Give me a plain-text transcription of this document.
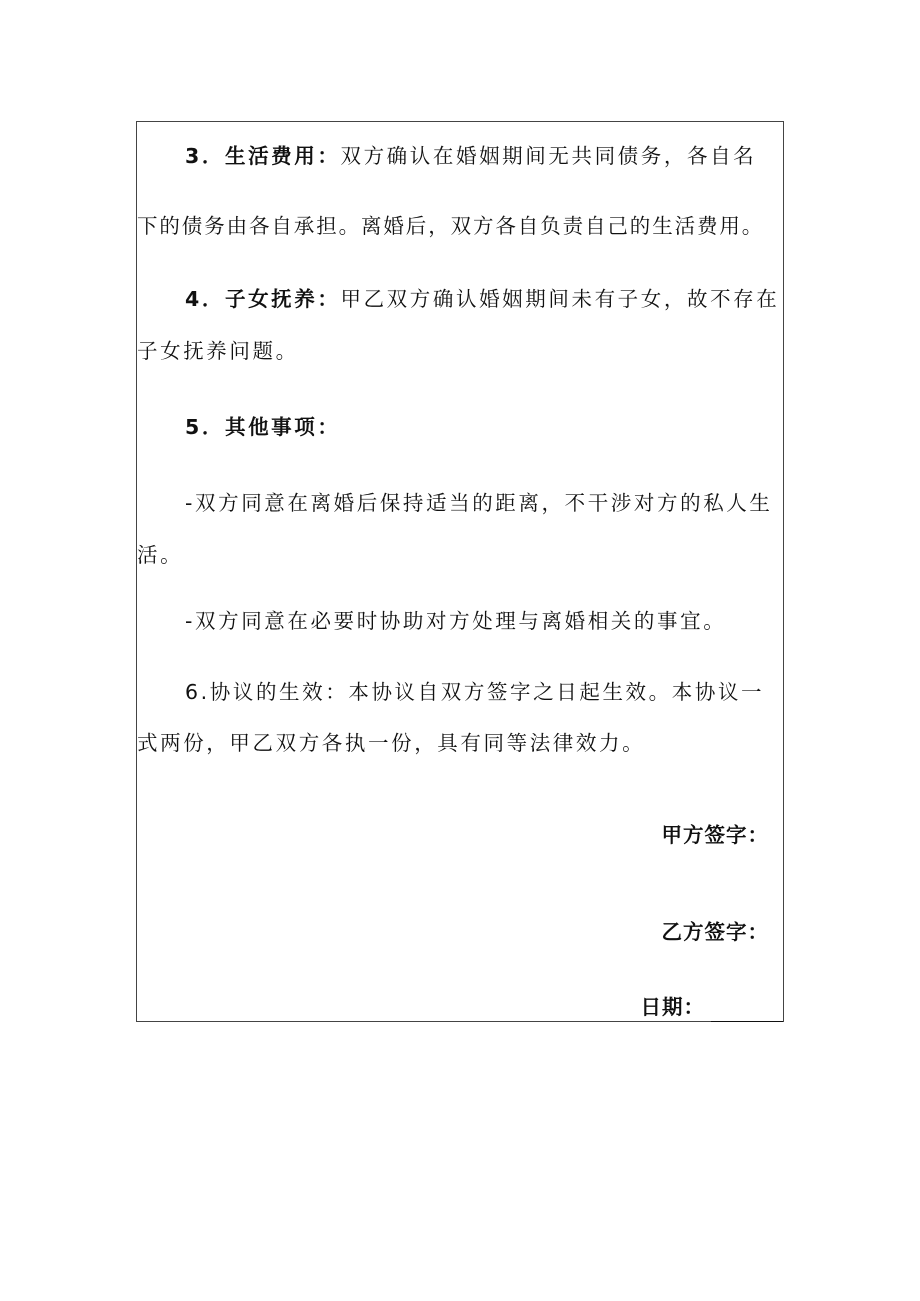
3．生活费用：双方确认在婚姻期间无共同债务，各自名
下的债务由各自承担。离婚后，双方各自负责自己的生活费用。
4．子女抚养：甲乙双方确认婚姻期间未有子女，故不存在
子女抚养问题。
5．其他事项：
-双方同意在离婚后保持适当的距离，不干涉对方的私人生
活。
-双方同意在必要时协助对方处理与离婚相关的事宜。
6.协议的生效：本协议自双方签字之日起生效。本协议一
式两份，甲乙双方各执一份，具有同等法律效力。
甲方签字：
乙方签字：
日期：
